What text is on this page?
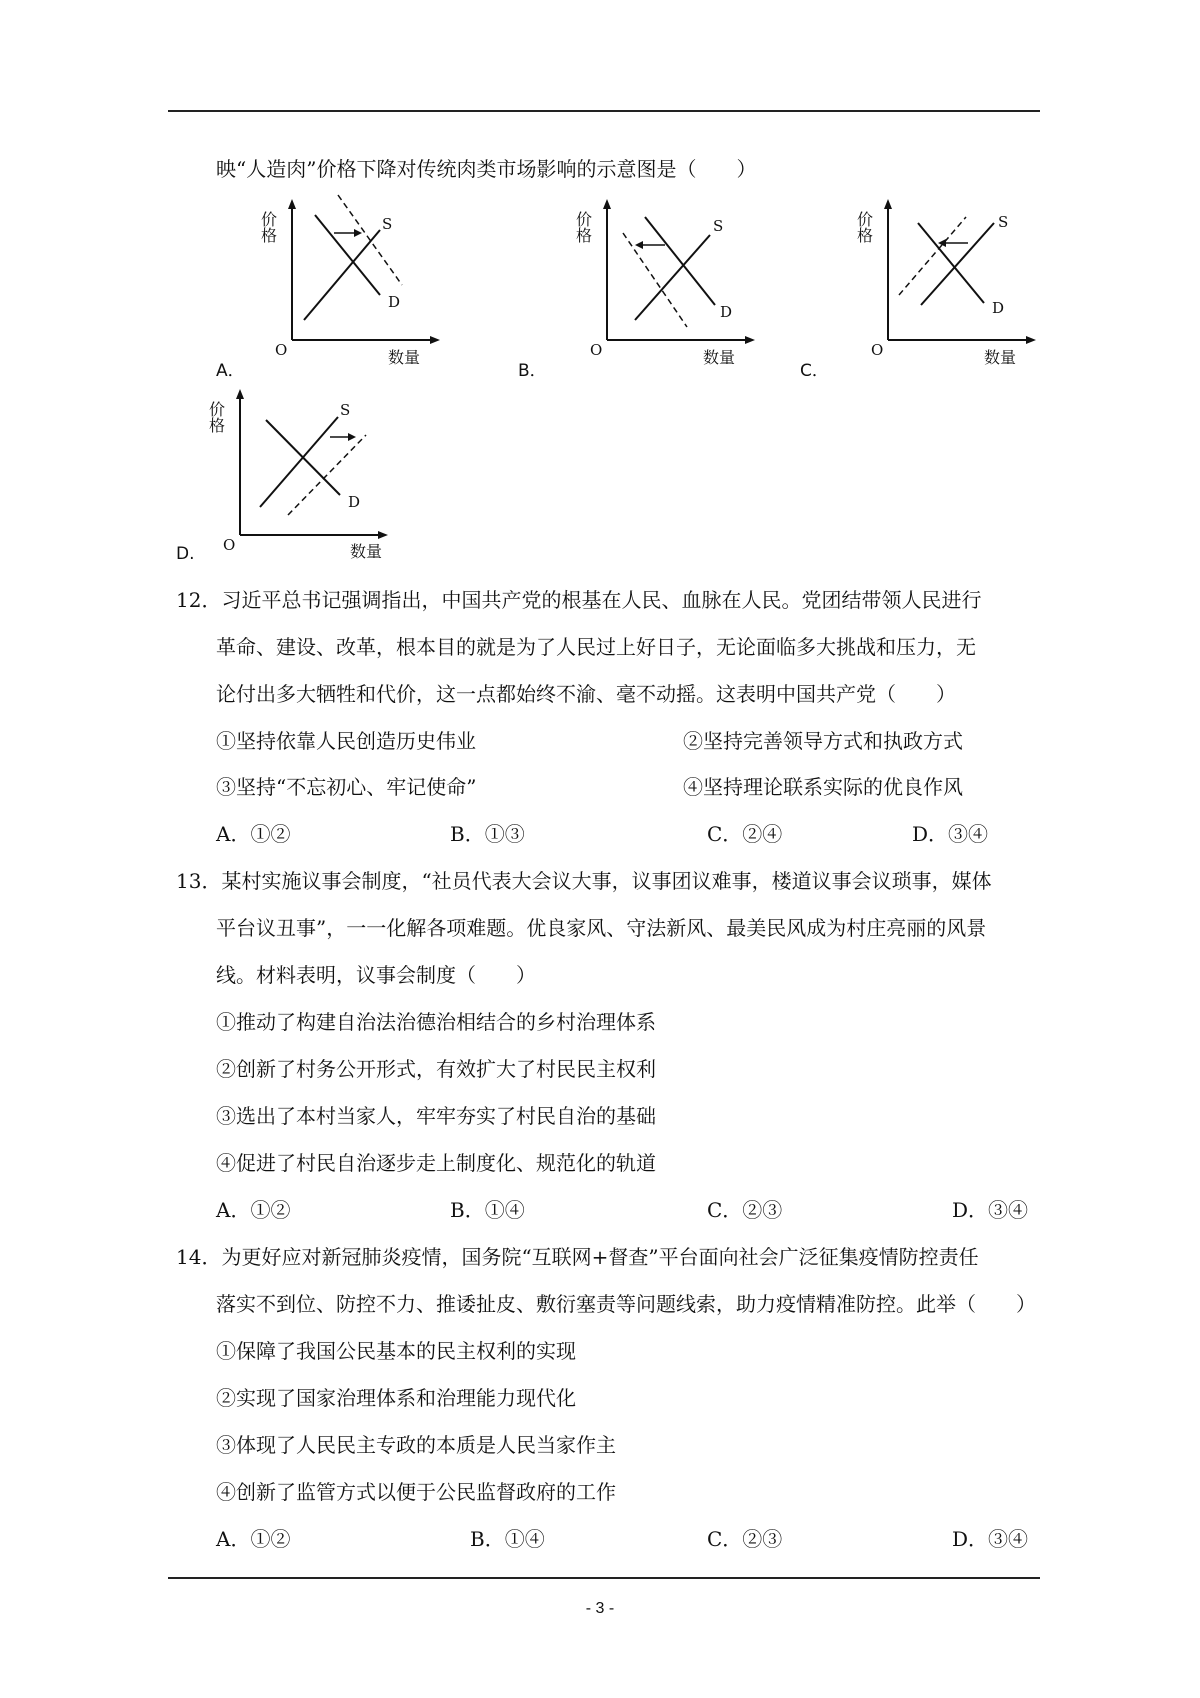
映“人造肉”价格下降对传统肉类市场影响的示意图是（　　）
价格
O	数量
S
D
A．
价格
O	数量
S
D
B．
价格
O	数量
S
D
C．
价格
O	数量
S
D
D.
12．习近平总书记强调指出，中国共产党的根基在人民、血脉在人民。党团结带领人民进行
革命、建设、改革，根本目的就是为了人民过上好日子，无论面临多大挑战和压力，无
论付出多大牺牲和代价，这一点都始终不渝、毫不动摇。这表明中国共产党（　　）
①坚持依靠人民创造历史伟业	②坚持完善领导方式和执政方式
③坚持“不忘初心、牢记使命”	④坚持理论联系实际的优良作风
A．①②	B．①③	C．②④	D．③④
13．某村实施议事会制度，“社员代表大会议大事，议事团议难事，楼道议事会议琐事，媒体
平台议丑事”，一一化解各项难题。优良家风、守法新风、最美民风成为村庄亮丽的风景
线。材料表明，议事会制度（　　）
①推动了构建自治法治德治相结合的乡村治理体系
②创新了村务公开形式，有效扩大了村民民主权利
③选出了本村当家人，牢牢夯实了村民自治的基础
④促进了村民自治逐步走上制度化、规范化的轨道
A．①②	B．①④	C．②③	D．③④
14．为更好应对新冠肺炎疫情，国务院“互联网+督查”平台面向社会广泛征集疫情防控责任
落实不到位、防控不力、推诿扯皮、敷衍塞责等问题线索，助力疫情精准防控。此举（　　）
①保障了我国公民基本的民主权利的实现
②实现了国家治理体系和治理能力现代化
③体现了人民民主专政的本质是人民当家作主
④创新了监管方式以便于公民监督政府的工作
A．①②	B．①④	C．②③	D．③④
- 3 -
